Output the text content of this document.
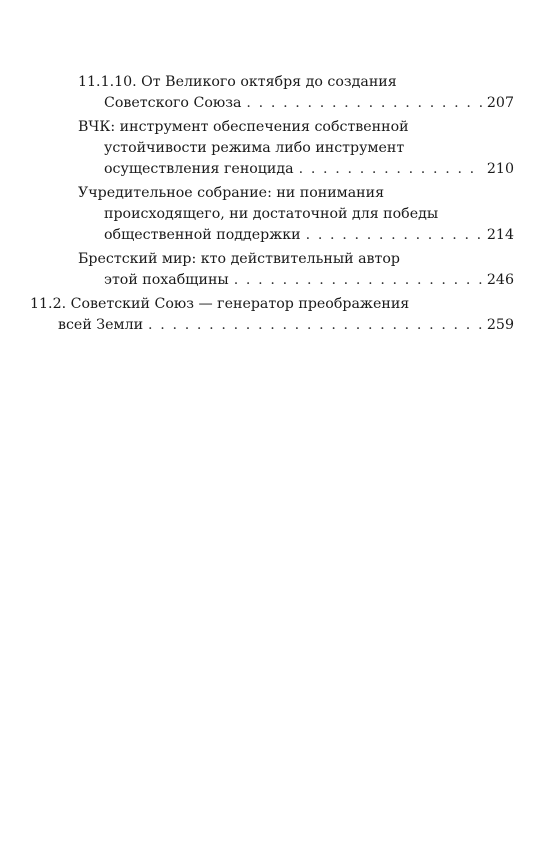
11.1.10. От Великого октября до создания
Советского Союза . . .	207
ВЧК: инструмент обеспечения собственной
устойчивости режима либо инструмент
осуществления геноцида . . .	210
Учредительное собрание: ни понимания
происходящего, ни достаточной для победы
общественной поддержки . . .	214
Брестский мир: кто действительный автор
этой похабщины . . .	246
11.2. Советский Союз — генератор преображения
всей Земли . . .	259
